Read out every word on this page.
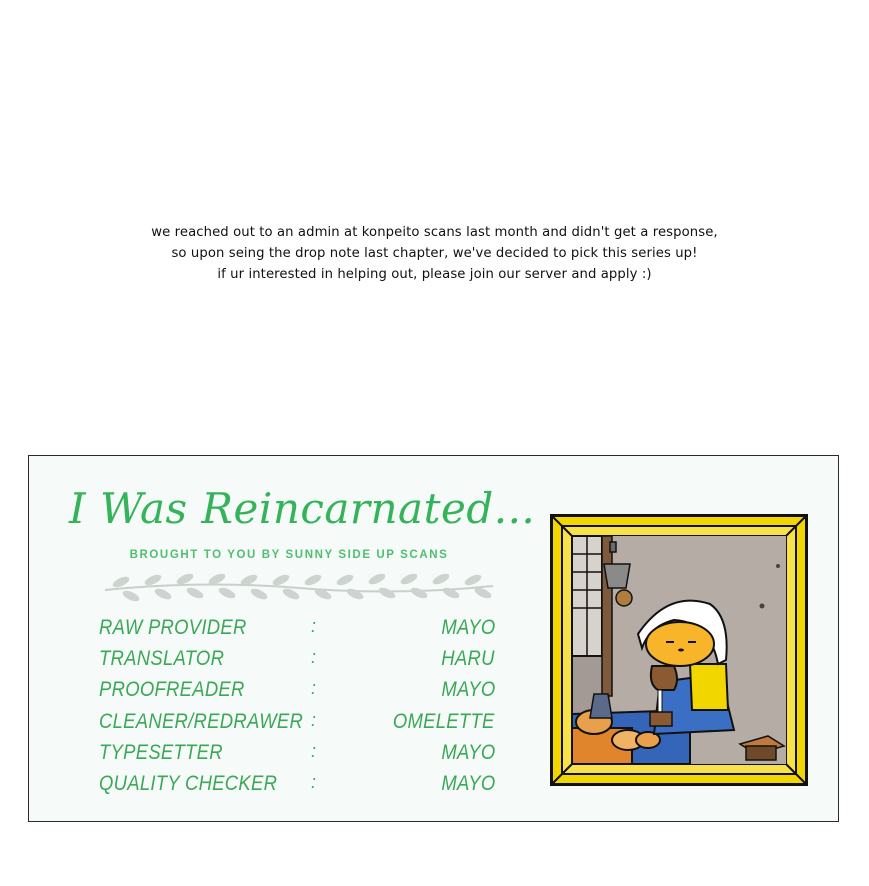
we reached out to an admin at konpeito scans last month and didn't get a response,
so upon seing the drop note last chapter, we've decided to pick this series up!
if ur interested in helping out, please join our server and apply :)
I Was Reincarnated...
BROUGHT TO YOU BY SUNNY SIDE UP SCANS
RAW PROVIDER	:	MAYO
TRANSLATOR	:	HARU
PROOFREADER	:	MAYO
CLEANER/REDRAWER :	OMELETTE
TYPESETTER	:	MAYO
QUALITY CHECKER :	MAYO
